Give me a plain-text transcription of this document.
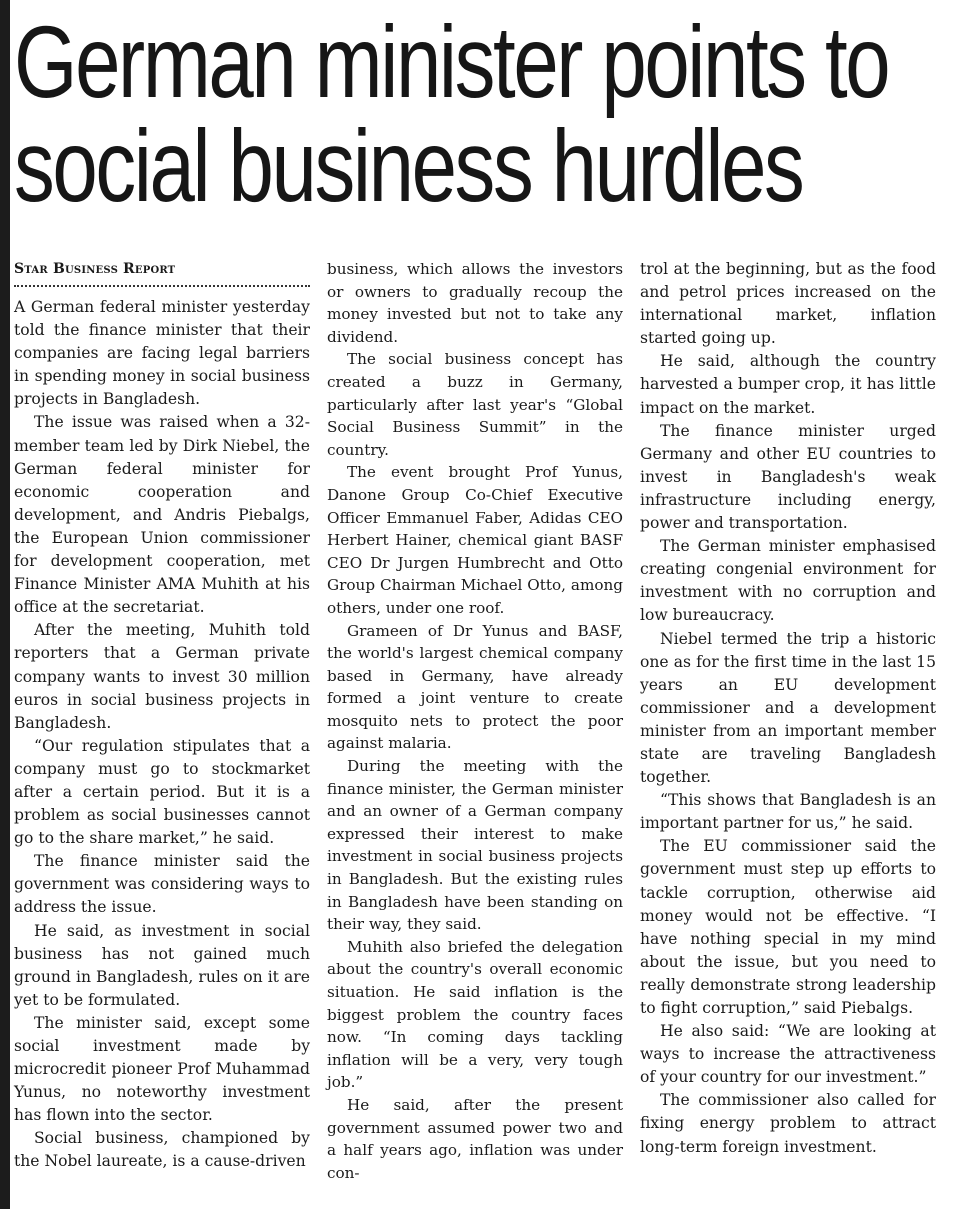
German minister points to
social business hurdles
Star Business Report

A German federal minister yesterday told the finance minister that their companies are facing legal barriers in spending money in social business projects in Bangladesh.

The issue was raised when a 32-member team led by Dirk Niebel, the German federal minister for economic cooperation and development, and Andris Piebalgs, the European Union commissioner for development cooperation, met Finance Minister AMA Muhith at his office at the secretariat.

After the meeting, Muhith told reporters that a German private company wants to invest 30 million euros in social business projects in Bangladesh.

“Our regulation stipulates that a company must go to stockmarket after a certain period. But it is a problem as social businesses cannot go to the share market,” he said.

The finance minister said the government was considering ways to address the issue.

He said, as investment in social business has not gained much ground in Bangladesh, rules on it are yet to be formulated.

The minister said, except some social investment made by microcredit pioneer Prof Muhammad Yunus, no noteworthy investment has flown into the sector.

Social business, championed by the Nobel laureate, is a cause-driven

business, which allows the investors or owners to gradually recoup the money invested but not to take any dividend.

The social business concept has created a buzz in Germany, particularly after last year's “Global Social Business Summit” in the country.

The event brought Prof Yunus, Danone Group Co-Chief Executive Officer Emmanuel Faber, Adidas CEO Herbert Hainer, chemical giant BASF CEO Dr Jurgen Humbrecht and Otto Group Chairman Michael Otto, among others, under one roof.

Grameen of Dr Yunus and BASF, the world's largest chemical company based in Germany, have already formed a joint venture to create mosquito nets to protect the poor against malaria.

During the meeting with the finance minister, the German minister and an owner of a German company expressed their interest to make investment in social business projects in Bangladesh. But the existing rules in Bangladesh have been standing on their way, they said.

Muhith also briefed the delegation about the country's overall economic situation. He said inflation is the biggest problem the country faces now. “In coming days tackling inflation will be a very, very tough job.”

He said, after the present government assumed power two and a half years ago, inflation was under con-

trol at the beginning, but as the food and petrol prices increased on the international market, inflation started going up.

He said, although the country harvested a bumper crop, it has little impact on the market.

The finance minister urged Germany and other EU countries to invest in Bangladesh's weak infrastructure including energy, power and transportation.

The German minister emphasised creating congenial environment for investment with no corruption and low bureaucracy.

Niebel termed the trip a historic one as for the first time in the last 15 years an EU development commissioner and a development minister from an important member state are traveling Bangladesh together.

“This shows that Bangladesh is an important partner for us,” he said.

The EU commissioner said the government must step up efforts to tackle corruption, otherwise aid money would not be effective. “I have nothing special in my mind about the issue, but you need to really demonstrate strong leadership to fight corruption,” said Piebalgs.

He also said: “We are looking at ways to increase the attractiveness of your country for our investment.”

The commissioner also called for fixing energy problem to attract long-term foreign investment.
